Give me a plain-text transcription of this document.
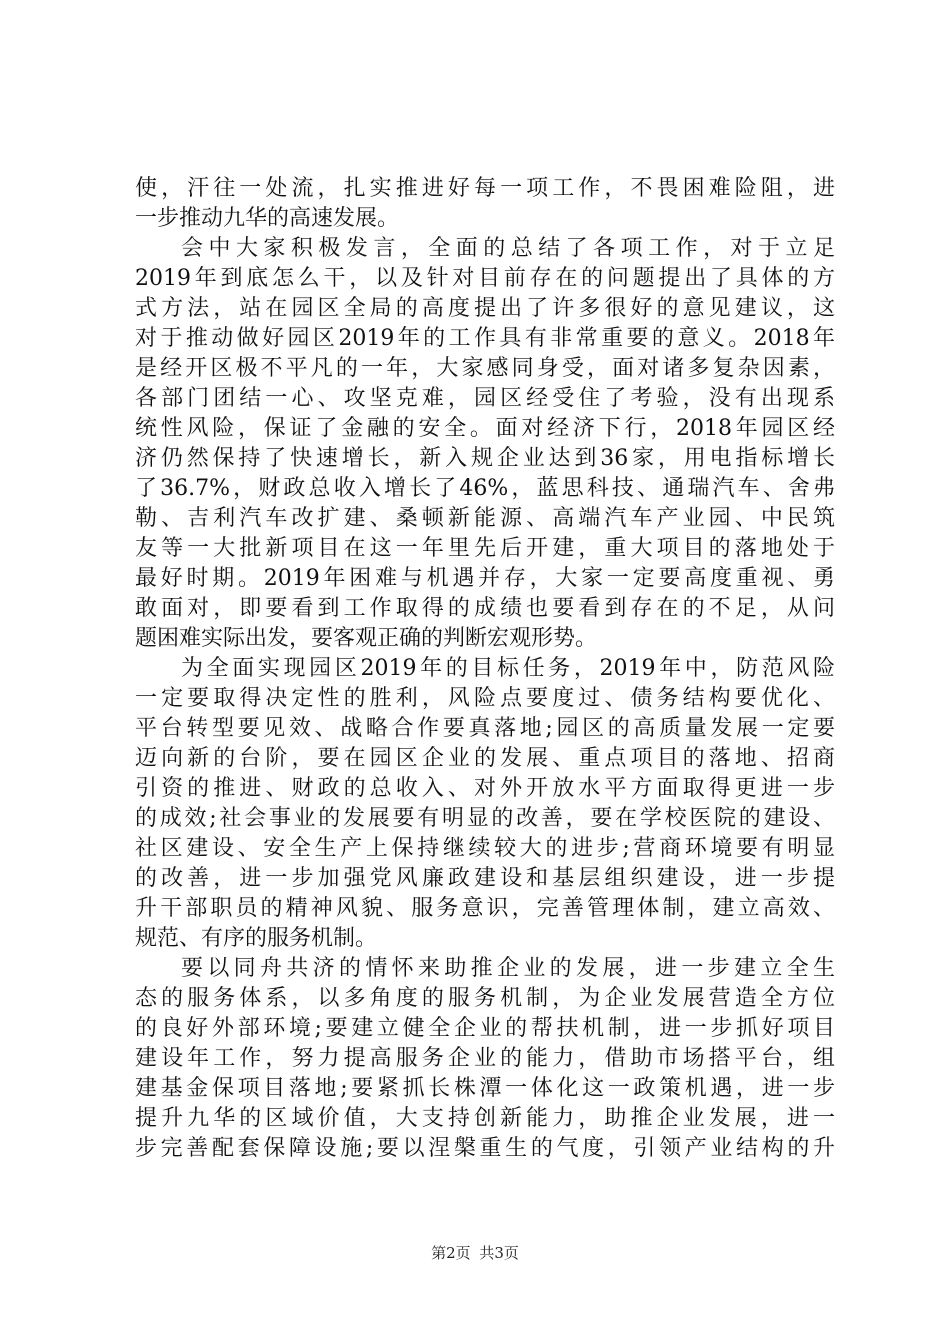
使，汗往一处流，扎实推进好每一项工作，不畏困难险阻，进
一步推动九华的高速发展。
会中大家积极发言，全面的总结了各项工作，对于立足
2019年到底怎么干，以及针对目前存在的问题提出了具体的方
式方法，站在园区全局的高度提出了许多很好的意见建议，这
对于推动做好园区2019年的工作具有非常重要的意义。2018年
是经开区极不平凡的一年，大家感同身受，面对诸多复杂因素，
各部门团结一心、攻坚克难，园区经受住了考验，没有出现系
统性风险，保证了金融的安全。面对经济下行，2018年园区经
济仍然保持了快速增长，新入规企业达到36家，用电指标增长
了36.7%，财政总收入增长了46%，蓝思科技、通瑞汽车、舍弗
勒、吉利汽车改扩建、桑顿新能源、高端汽车产业园、中民筑
友等一大批新项目在这一年里先后开建，重大项目的落地处于
最好时期。2019年困难与机遇并存，大家一定要高度重视、勇
敢面对，即要看到工作取得的成绩也要看到存在的不足，从问
题困难实际出发，要客观正确的判断宏观形势。
为全面实现园区2019年的目标任务，2019年中，防范风险
一定要取得决定性的胜利，风险点要度过、债务结构要优化、
平台转型要见效、战略合作要真落地;园区的高质量发展一定要
迈向新的台阶，要在园区企业的发展、重点项目的落地、招商
引资的推进、财政的总收入、对外开放水平方面取得更进一步
的成效;社会事业的发展要有明显的改善，要在学校医院的建设、
社区建设、安全生产上保持继续较大的进步;营商环境要有明显
的改善，进一步加强党风廉政建设和基层组织建设，进一步提
升干部职员的精神风貌、服务意识，完善管理体制，建立高效、
规范、有序的服务机制。
要以同舟共济的情怀来助推企业的发展，进一步建立全生
态的服务体系，以多角度的服务机制，为企业发展营造全方位
的良好外部环境;要建立健全企业的帮扶机制，进一步抓好项目
建设年工作，努力提高服务企业的能力，借助市场搭平台，组
建基金保项目落地;要紧抓长株潭一体化这一政策机遇，进一步
提升九华的区域价值，大支持创新能力，助推企业发展，进一
步完善配套保障设施;要以涅槃重生的气度，引领产业结构的升
第2页 共3页
